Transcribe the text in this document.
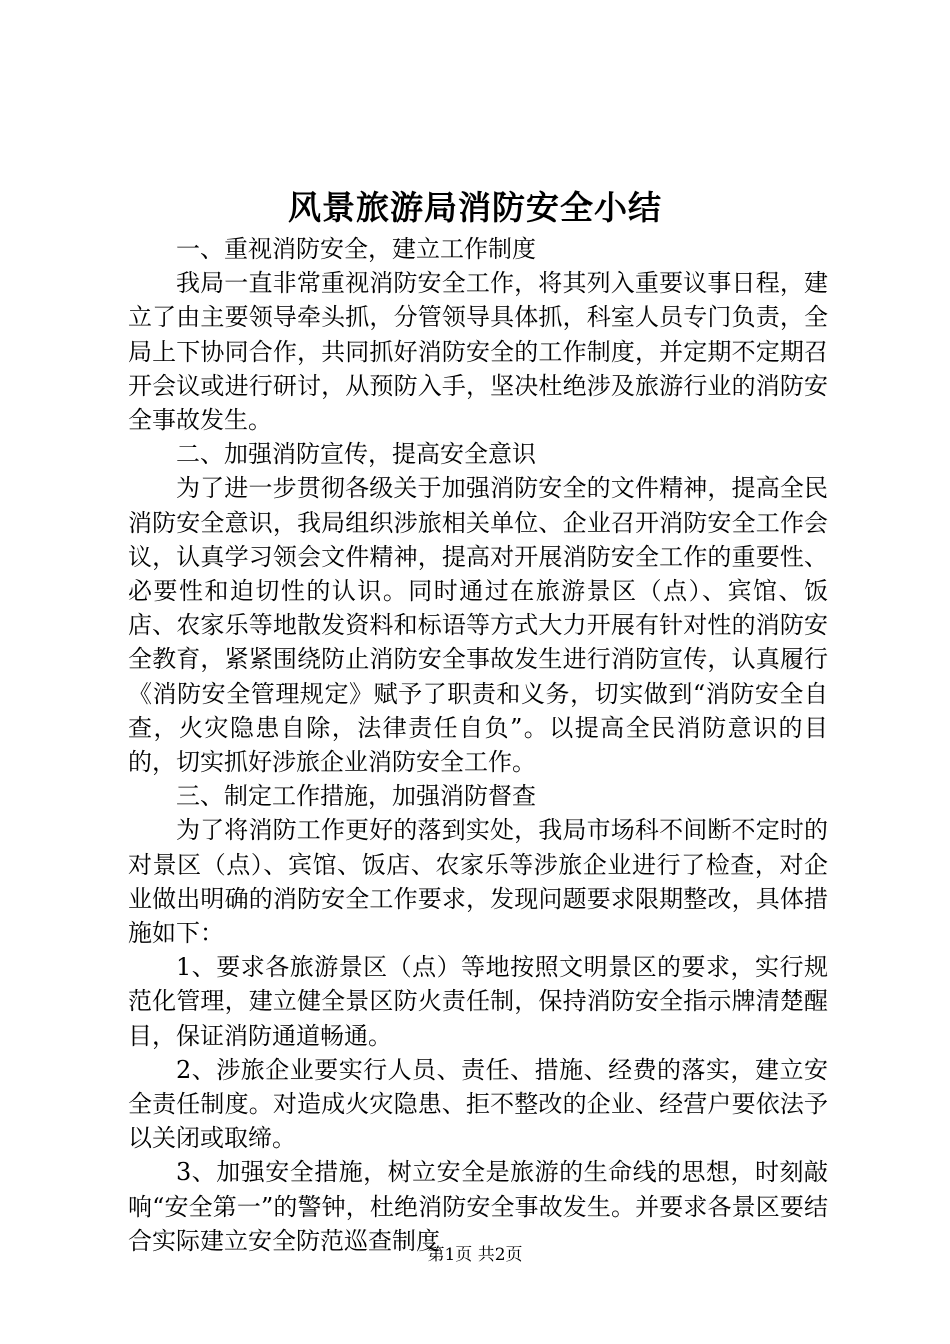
风景旅游局消防安全小结

一、重视消防安全，建立工作制度

我局一直非常重视消防安全工作，将其列入重要议事日程，建立了由主要领导牵头抓，分管领导具体抓，科室人员专门负责，全局上下协同合作，共同抓好消防安全的工作制度，并定期不定期召开会议或进行研讨，从预防入手，坚决杜绝涉及旅游行业的消防安全事故发生。

二、加强消防宣传，提高安全意识

为了进一步贯彻各级关于加强消防安全的文件精神，提高全民消防安全意识，我局组织涉旅相关单位、企业召开消防安全工作会议，认真学习领会文件精神，提高对开展消防安全工作的重要性、必要性和迫切性的认识。同时通过在旅游景区（点）、宾馆、饭店、农家乐等地散发资料和标语等方式大力开展有针对性的消防安全教育，紧紧围绕防止消防安全事故发生进行消防宣传，认真履行《消防安全管理规定》赋予了职责和义务，切实做到“消防安全自查，火灾隐患自除，法律责任自负”。以提高全民消防意识的目的，切实抓好涉旅企业消防安全工作。

三、制定工作措施，加强消防督查

为了将消防工作更好的落到实处，我局市场科不间断不定时的对景区（点）、宾馆、饭店、农家乐等涉旅企业进行了检查，对企业做出明确的消防安全工作要求，发现问题要求限期整改，具体措施如下：

1、要求各旅游景区（点）等地按照文明景区的要求，实行规范化管理，建立健全景区防火责任制，保持消防安全指示牌清楚醒目，保证消防通道畅通。

2、涉旅企业要实行人员、责任、措施、经费的落实，建立安全责任制度。对造成火灾隐患、拒不整改的企业、经营户要依法予以关闭或取缔。

3、加强安全措施，树立安全是旅游的生命线的思想，时刻敲响“安全第一”的警钟，杜绝消防安全事故发生。并要求各景区要结合实际建立安全防范巡查制度

第1页 共2页
